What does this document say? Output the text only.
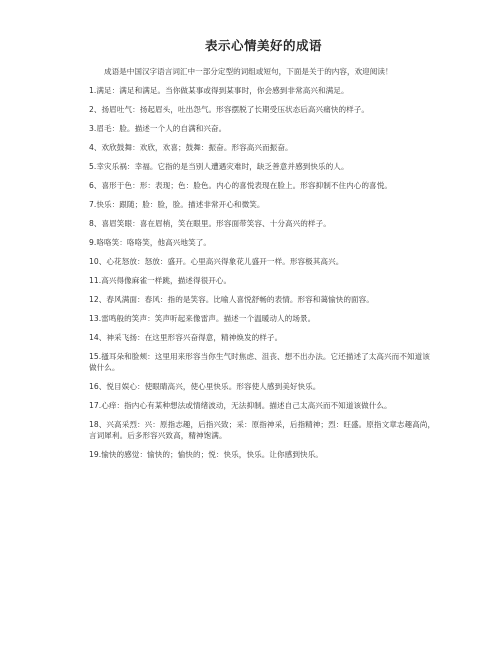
表示心情美好的成语
成语是中国汉字语言词汇中一部分定型的词组或短句，下面是关于的内容，欢迎阅读！
1.满足：满足和满足。当你做某事或得到某事时，你会感到非常高兴和满足。
2、扬眉吐气：扬起眉头，吐出怨气。形容摆脱了长期受压状态后高兴痛快的样子。
3.眉毛：脸。描述一个人的自满和兴奋。
4、欢欣鼓舞：欢欣，欢喜；鼓舞：振奋。形容高兴而振奋。
5.幸灾乐祸：幸福。它指的是当别人遭遇灾难时，缺乏善意并感到快乐的人。
6、喜形于色：形：表现；色：脸色。内心的喜悦表现在脸上。形容抑制不住内心的喜悦。
7.快乐：跟随；脸：脸，脸。描述非常开心和微笑。
8、喜眉笑眼：喜在眉梢，笑在眼里。形容面带笑容、十分高兴的样子。
9.咯咯笑：咯咯笑，他高兴地笑了。
10、心花怒放：怒放：盛开。心里高兴得象花儿盛开一样。形容极其高兴。
11.高兴得像麻雀一样跳，描述得很开心。
12、春风满面：春风：指的是笑容。比喻人喜悦舒畅的表情。形容和蔼愉快的面容。
13.雷鸣般的笑声：笑声听起来像雷声。描述一个温暖动人的场景。
14、神采飞扬：在这里形容兴奋得意，精神焕发的样子。
15.搔耳朵和脸颊：这里用来形容当你生气时焦虑、沮丧、想不出办法。它还描述了太高兴而不知道该做什么。
16、悦目娱心：使眼睛高兴，使心里快乐。形容使人感到美好快乐。
17.心痒：指内心有某种想法或情绪波动，无法抑制。描述自己太高兴而不知道该做什么。
18、兴高采烈：兴：原指志趣，后指兴致；采：原指神采，后指精神；烈：旺盛。原指文章志趣高尚，言词犀利。后多形容兴致高，精神饱满。
19.愉快的感觉：愉快的；愉快的；悦：快乐，快乐。让你感到快乐。
